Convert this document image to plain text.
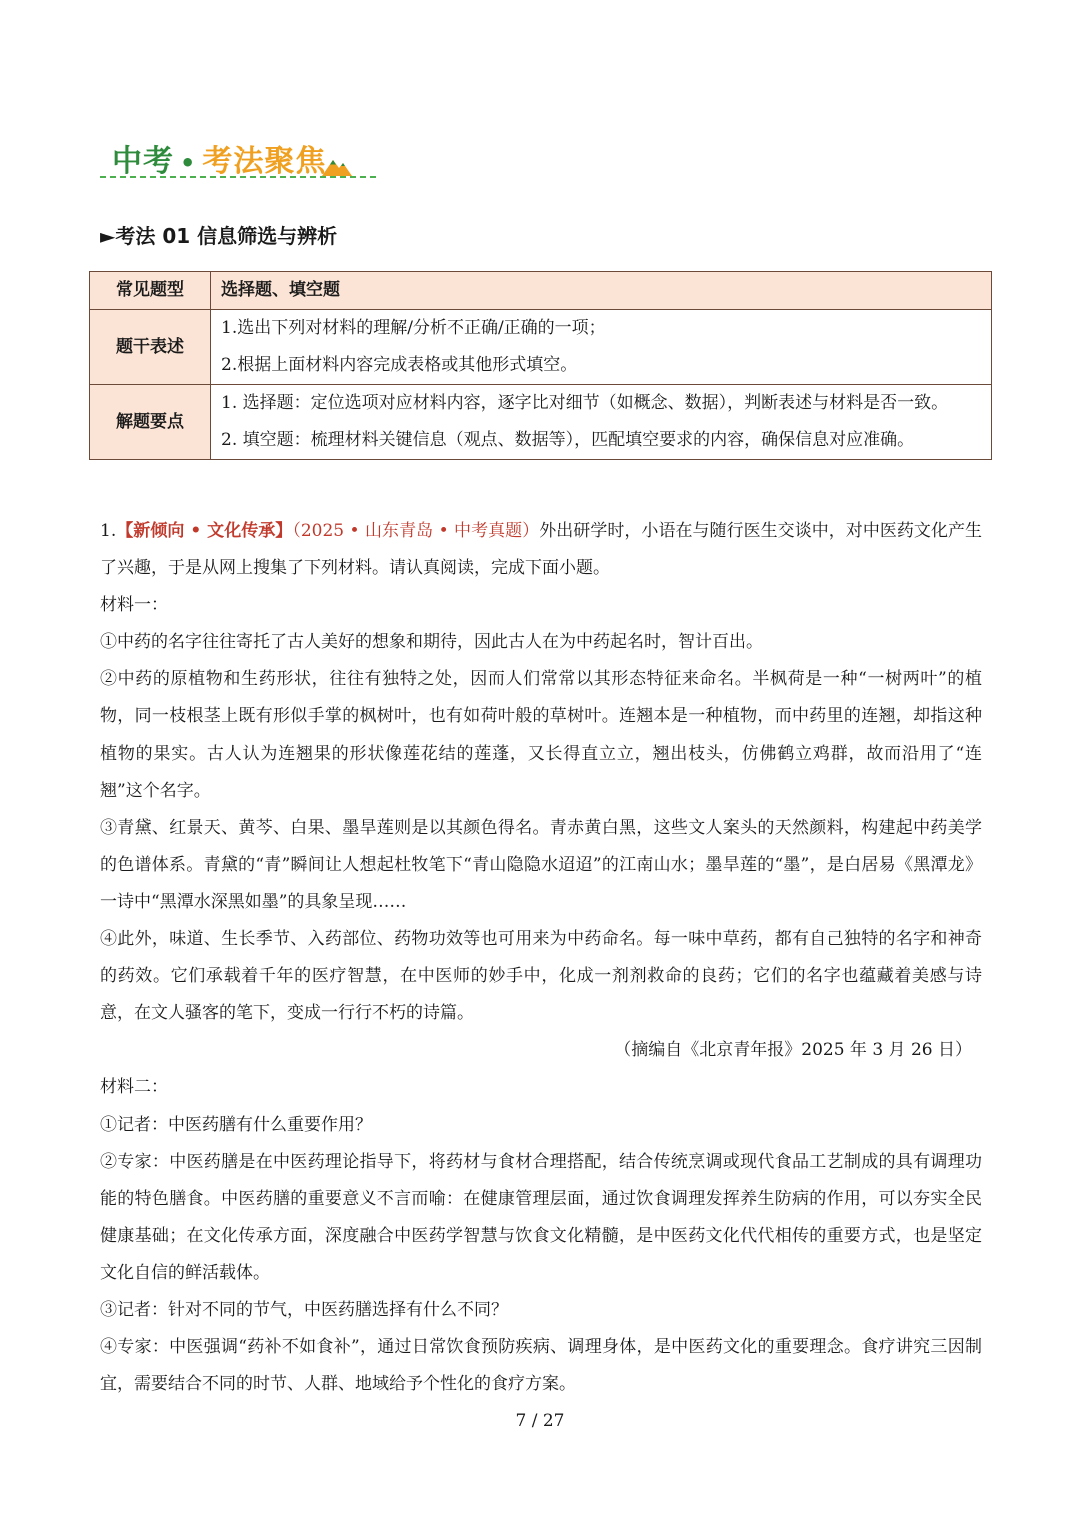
中考 • 考法聚焦
►考法 01 信息筛选与辨析
常见题型	选择题、填空题

题干表述	1.选出下列对材料的理解/分析不正确/正确的一项；
2.根据上面材料内容完成表格或其他形式填空。

解题要点	1. 选择题：定位选项对应材料内容，逐字比对细节（如概念、数据），判断表述与材料是否一致。
2. 填空题：梳理材料关键信息（观点、数据等），匹配填空要求的内容，确保信息对应准确。

1.【新倾向 • 文化传承】（2025 • 山东青岛 • 中考真题）外出研学时，小语在与随行医生交谈中，对中医药文化产生了兴趣，于是从网上搜集了下列材料。请认真阅读，完成下面小题。

材料一：

①中药的名字往往寄托了古人美好的想象和期待，因此古人在为中药起名时，智计百出。

②中药的原植物和生药形状，往往有独特之处，因而人们常常以其形态特征来命名。半枫荷是一种“一树两叶”的植物，同一枝根茎上既有形似手掌的枫树叶，也有如荷叶般的草树叶。连翘本是一种植物，而中药里的连翘，却指这种植物的果实。古人认为连翘果的形状像莲花结的莲蓬，又长得直立立，翘出枝头，仿佛鹤立鸡群，故而沿用了“连翘”这个名字。

③青黛、红景天、黄芩、白果、墨旱莲则是以其颜色得名。青赤黄白黑，这些文人案头的天然颜料，构建起中药美学的色谱体系。青黛的“青”瞬间让人想起杜牧笔下“青山隐隐水迢迢”的江南山水；墨旱莲的“墨”，是白居易《黑潭龙》一诗中“黑潭水深黑如墨”的具象呈现……

④此外，味道、生长季节、入药部位、药物功效等也可用来为中药命名。每一味中草药，都有自己独特的名字和神奇的药效。它们承载着千年的医疗智慧，在中医师的妙手中，化成一剂剂救命的良药；它们的名字也蕴藏着美感与诗意，在文人骚客的笔下，变成一行行不朽的诗篇。

（摘编自《北京青年报》2025 年 3 月 26 日）

材料二：

①记者：中医药膳有什么重要作用？

②专家：中医药膳是在中医药理论指导下，将药材与食材合理搭配，结合传统烹调或现代食品工艺制成的具有调理功能的特色膳食。中医药膳的重要意义不言而喻：在健康管理层面，通过饮食调理发挥养生防病的作用，可以夯实全民健康基础；在文化传承方面，深度融合中医药学智慧与饮食文化精髓，是中医药文化代代相传的重要方式，也是坚定文化自信的鲜活载体。

③记者：针对不同的节气，中医药膳选择有什么不同？

④专家：中医强调“药补不如食补”，通过日常饮食预防疾病、调理身体，是中医药文化的重要理念。食疗讲究三因制宜，需要结合不同的时节、人群、地域给予个性化的食疗方案。

7 / 27
